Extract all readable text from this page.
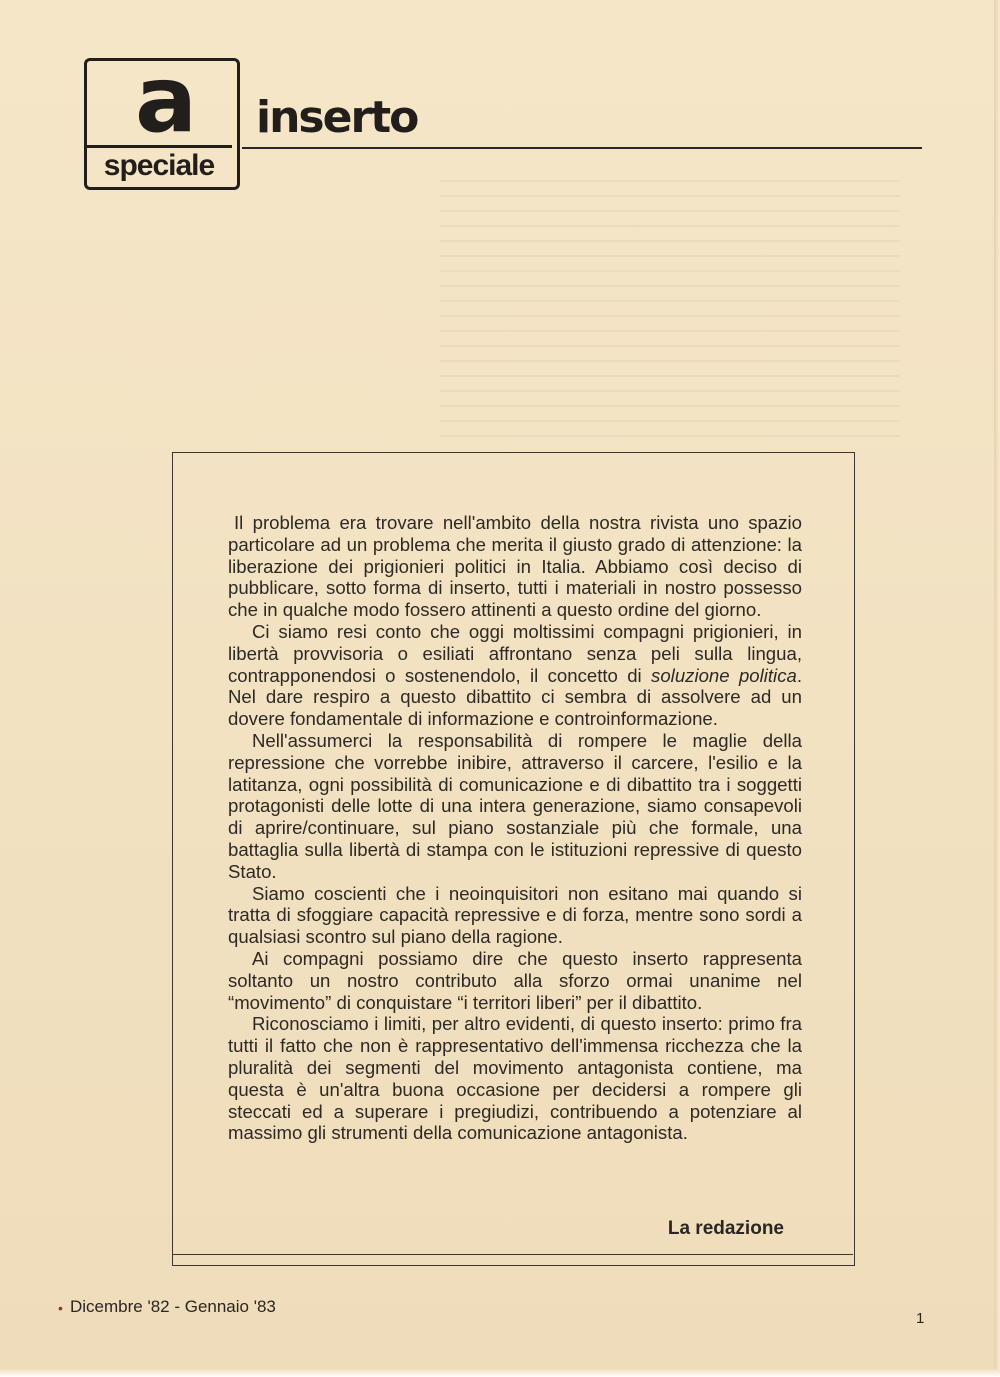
a
speciale
inserto

Il problema era trovare nell'ambito della nostra rivista uno spazio particolare ad un problema che merita il giusto grado di attenzione: la liberazione dei prigionieri politici in Italia. Abbiamo così deciso di pubblicare, sotto forma di inserto, tutti i materiali in nostro possesso che in qualche modo fossero attinenti a questo ordine del giorno.

Ci siamo resi conto che oggi moltissimi compagni prigionieri, in libertà provvisoria o esiliati affrontano senza peli sulla lingua, contrapponendosi o sostenendolo, il concetto di soluzione politica. Nel dare respiro a questo dibattito ci sembra di assolvere ad un dovere fondamentale di informazione e controinformazione.

Nell'assumerci la responsabilità di rompere le maglie della repressione che vorrebbe inibire, attraverso il carcere, l'esilio e la latitanza, ogni possibilità di comunicazione e di dibattito tra i soggetti protagonisti delle lotte di una intera generazione, siamo consapevoli di aprire/continuare, sul piano sostanziale più che formale, una battaglia sulla libertà di stampa con le istituzioni repressive di questo Stato.

Siamo coscienti che i neoinquisitori non esitano mai quando si tratta di sfoggiare capacità repressive e di forza, mentre sono sordi a qualsiasi scontro sul piano della ragione.

Ai compagni possiamo dire che questo inserto rappresenta soltanto un nostro contributo alla sforzo ormai unanime nel “movimento” di conquistare “i territori liberi” per il dibattito.

Riconosciamo i limiti, per altro evidenti, di questo inserto: primo fra tutti il fatto che non è rappresentativo dell'immensa ricchezza che la pluralità dei segmenti del movimento antagonista contiene, ma questa è un'altra buona occasione per decidersi a rompere gli steccati ed a superare i pregiudizi, contribuendo a potenziare al massimo gli strumenti della comunicazione antagonista.

La redazione
• Dicembre '82 - Gennaio '83
1
